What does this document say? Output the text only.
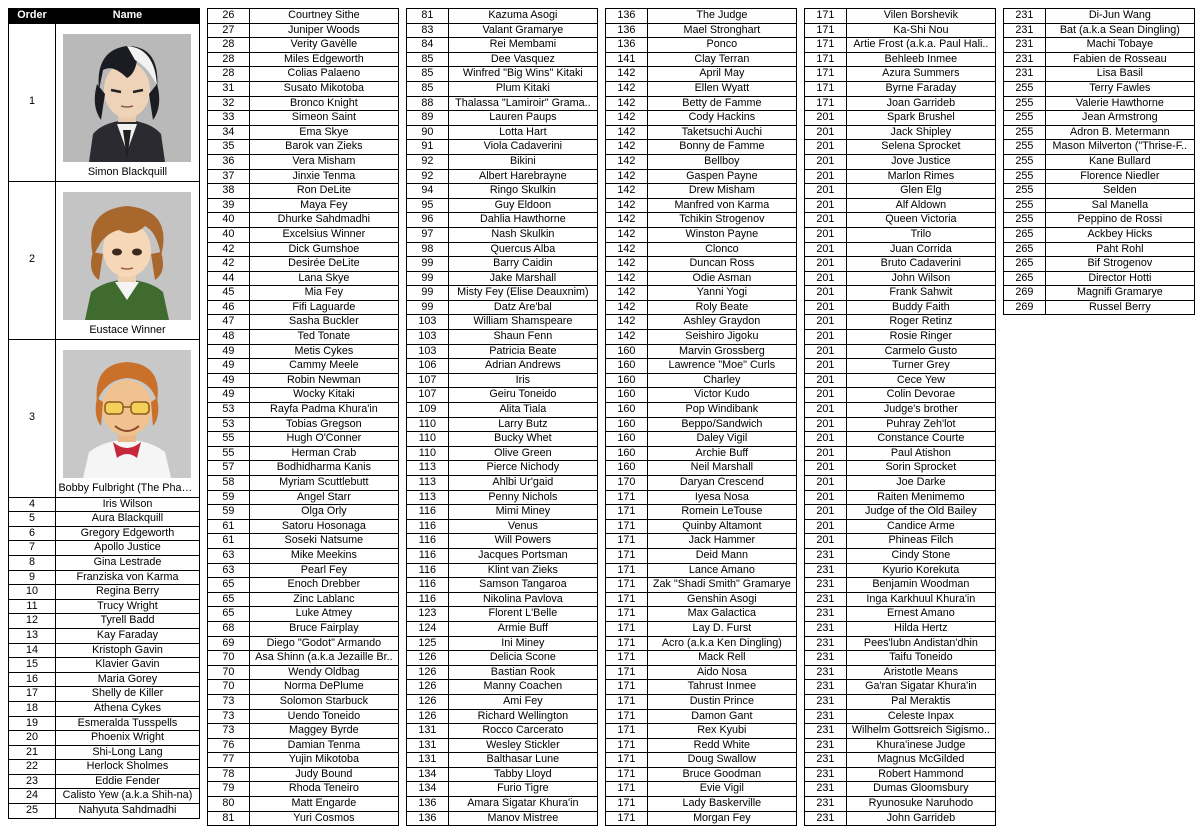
Order	Name
1	Simon Blackquill

2	Eustace Winner

3	Bobby Fulbright (The Phant..

4	Iris Wilson
5	Aura Blackquill
6	Gregory Edgeworth
7	Apollo Justice
8	Gina Lestrade
9	Franziska von Karma
10	Regina Berry
11	Trucy Wright
12	Tyrell Badd
13	Kay Faraday
14	Kristoph Gavin
15	Klavier Gavin
16	Maria Gorey
17	Shelly de Killer
18	Athena Cykes
19	Esmeralda Tusspells
20	Phoenix Wright
21	Shi-Long Lang
22	Herlock Sholmes
23	Eddie Fender
24	Calisto Yew (a.k.a Shih-na)
25	Nahyuta Sahdmadhi
26	Courtney Sithe
27	Juniper Woods
28	Verity Gavèlle
28	Miles Edgeworth
28	Colias Palaeno
31	Susato Mikotoba
32	Bronco Knight
33	Simeon Saint
34	Ema Skye
35	Barok van Zieks
36	Vera Misham
37	Jinxie Tenma
38	Ron DeLite
39	Maya Fey
40	Dhurke Sahdmadhi
40	Excelsius Winner
42	Dick Gumshoe
42	Desirée DeLite
44	Lana Skye
45	Mia Fey
46	Fifi Laguarde
47	Sasha Buckler
48	Ted Tonate
49	Metis Cykes
49	Cammy Meele
49	Robin Newman
49	Wocky Kitaki
53	Rayfa Padma Khura'in
53	Tobias Gregson
55	Hugh O'Conner
55	Herman Crab
57	Bodhidharma Kanis
58	Myriam Scuttlebutt
59	Angel Starr
59	Olga Orly
61	Satoru Hosonaga
61	Soseki Natsume
63	Mike Meekins
63	Pearl Fey
65	Enoch Drebber
65	Zinc Lablanc
65	Luke Atmey
68	Bruce Fairplay
69	Diego "Godot" Armando
70	Asa Shinn (a.k.a Jezaille Br..
70	Wendy Oldbag
70	Norma DePlume
73	Solomon Starbuck
73	Uendo Toneido
73	Maggey Byrde
76	Damian Tenma
77	Yujin Mikotoba
78	Judy Bound
79	Rhoda Teneiro
80	Matt Engarde
81	Yuri Cosmos
81	Kazuma Asogi
83	Valant Gramarye
84	Rei Membami
85	Dee Vasquez
85	Winfred "Big Wins" Kitaki
85	Plum Kitaki
88	Thalassa "Lamiroir" Grama..
89	Lauren Paups
90	Lotta Hart
91	Viola Cadaverini
92	Bikini
92	Albert Harebrayne
94	Ringo Skulkin
95	Guy Eldoon
96	Dahlia Hawthorne
97	Nash Skulkin
98	Quercus Alba
99	Barry Caidin
99	Jake Marshall
99	Misty Fey (Elise Deauxnim)
99	Datz Are'bal
103	William Shamspeare
103	Shaun Fenn
103	Patricia Beate
106	Adrian Andrews
107	Iris
107	Geiru Toneido
109	Alita Tiala
110	Larry Butz
110	Bucky Whet
110	Olive Green
113	Pierce Nichody
113	Ahlbi Ur'gaid
113	Penny Nichols
116	Mimi Miney
116	Venus
116	Will Powers
116	Jacques Portsman
116	Klint van Zieks
116	Samson Tangaroa
116	Nikolina Pavlova
123	Florent L'Belle
124	Armie Buff
125	Ini Miney
126	Delicia Scone
126	Bastian Rook
126	Manny Coachen
126	Ami Fey
126	Richard Wellington
131	Rocco Carcerato
131	Wesley Stickler
131	Balthasar Lune
134	Tabby Lloyd
134	Furio Tigre
136	Amara Sigatar Khura'in
136	Manov Mistree
136	The Judge
136	Mael Stronghart
136	Ponco
141	Clay Terran
142	April May
142	Ellen Wyatt
142	Betty de Famme
142	Cody Hackins
142	Taketsuchi Auchi
142	Bonny de Famme
142	Bellboy
142	Gaspen Payne
142	Drew Misham
142	Manfred von Karma
142	Tchikin Strogenov
142	Winston Payne
142	Clonco
142	Duncan Ross
142	Odie Asman
142	Yanni Yogi
142	Roly Beate
142	Ashley Graydon
142	Seishiro Jigoku
160	Marvin Grossberg
160	Lawrence "Moe" Curls
160	Charley
160	Victor Kudo
160	Pop Windibank
160	Beppo/Sandwich
160	Daley Vigil
160	Archie Buff
160	Neil Marshall
170	Daryan Crescend
171	Iyesa Nosa
171	Romein LeTouse
171	Quinby Altamont
171	Jack Hammer
171	Deid Mann
171	Lance Amano
171	Zak "Shadi Smith" Gramarye
171	Genshin Asogi
171	Max Galactica
171	Lay D. Furst
171	Acro (a.k.a Ken Dingling)
171	Mack Rell
171	Aido Nosa
171	Tahrust Inmee
171	Dustin Prince
171	Damon Gant
171	Rex Kyubi
171	Redd White
171	Doug Swallow
171	Bruce Goodman
171	Evie Vigil
171	Lady Baskerville
171	Morgan Fey
171	Vilen Borshevik
171	Ka-Shi Nou
171	Artie Frost (a.k.a. Paul Hali..
171	Behleeb Inmee
171	Azura Summers
171	Byrne Faraday
171	Joan Garrideb
201	Spark Brushel
201	Jack Shipley
201	Selena Sprocket
201	Jove Justice
201	Marlon Rimes
201	Glen Elg
201	Alf Aldown
201	Queen Victoria
201	Trilo
201	Juan Corrida
201	Bruto Cadaverini
201	John Wilson
201	Frank Sahwit
201	Buddy Faith
201	Roger Retinz
201	Rosie Ringer
201	Carmelo Gusto
201	Turner Grey
201	Cece Yew
201	Colin Devorae
201	Judge's brother
201	Puhray Zeh'lot
201	Constance Courte
201	Paul Atishon
201	Sorin Sprocket
201	Joe Darke
201	Raiten Menimemo
201	Judge of the Old Bailey
201	Candice Arme
201	Phineas Filch
231	Cindy Stone
231	Kyurio Korekuta
231	Benjamin Woodman
231	Inga Karkhuul Khura'in
231	Ernest Amano
231	Hilda Hertz
231	Pees'lubn Andistan'dhin
231	Taifu Toneido
231	Aristotle Means
231	Ga'ran Sigatar Khura'in
231	Pal Meraktis
231	Celeste Inpax
231	Wilhelm Gottsreich Sigismo..
231	Khura'inese Judge
231	Magnus McGilded
231	Robert Hammond
231	Dumas Gloomsbury
231	Ryunosuke Naruhodo
231	John Garrideb
231	Di-Jun Wang
231	Bat (a.k.a Sean Dingling)
231	Machi Tobaye
231	Fabien de Rosseau
231	Lisa Basil
255	Terry Fawles
255	Valerie Hawthorne
255	Jean Armstrong
255	Adron B. Metermann
255	Mason Milverton ("Thrise-F..
255	Kane Bullard
255	Florence Niedler
255	Selden
255	Sal Manella
255	Peppino de Rossi
265	Ackbey Hicks
265	Paht Rohl
265	Bif Strogenov
265	Director Hotti
269	Magnifi Gramarye
269	Russel Berry
